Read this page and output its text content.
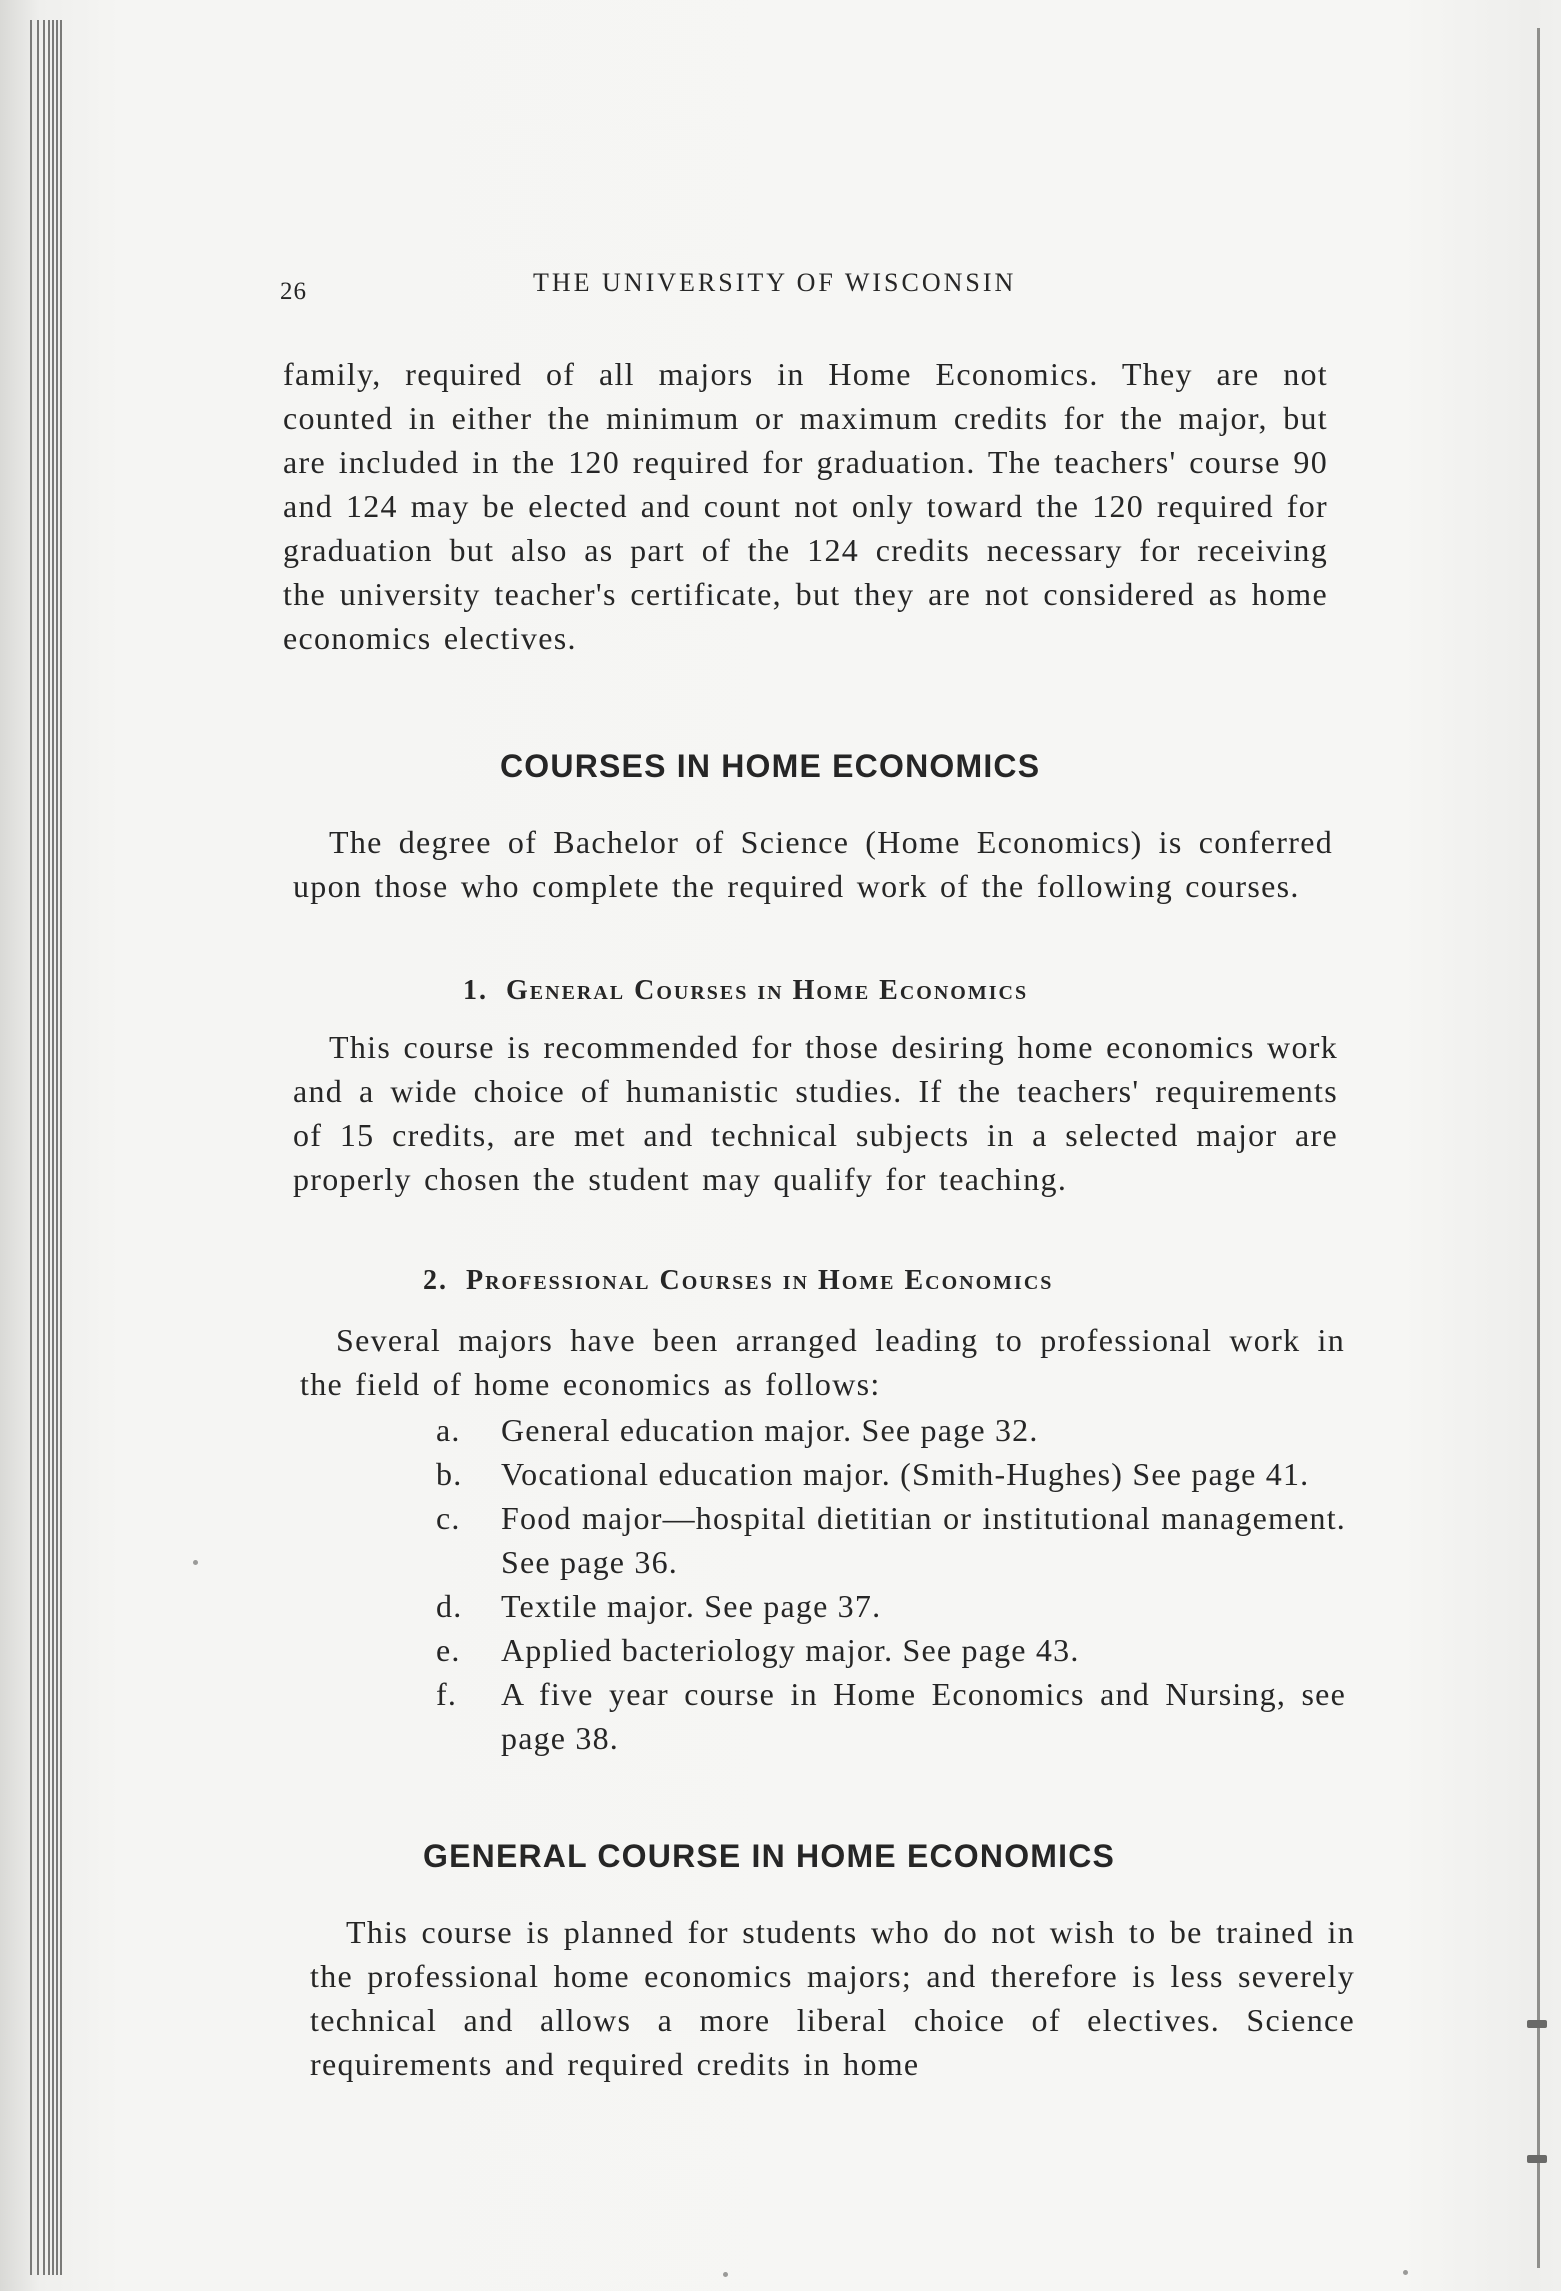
26	THE UNIVERSITY OF WISCONSIN

family, required of all majors in Home Economics. They are not counted in either the minimum or maximum credits for the major, but are included in the 120 required for graduation. The teachers' course 90 and 124 may be elected and count not only toward the 120 required for graduation but also as part of the 124 credits necessary for receiving the university teacher's certificate, but they are not considered as home economics electives.

COURSES IN HOME ECONOMICS

The degree of Bachelor of Science (Home Economics) is conferred upon those who complete the required work of the following courses.

1. General Courses in Home Economics

This course is recommended for those desiring home economics work and a wide choice of humanistic studies. If the teachers' requirements of 15 credits, are met and technical subjects in a selected major are properly chosen the student may qualify for teaching.

2. Professional Courses in Home Economics

Several majors have been arranged leading to professional work in the field of home economics as follows:

a. General education major. See page 32.
b. Vocational education major. (Smith-Hughes) See page 41.
c. Food major—hospital dietitian or institutional management. See page 36.
d. Textile major. See page 37.
e. Applied bacteriology major. See page 43.
f. A five year course in Home Economics and Nursing, see page 38.
GENERAL COURSE IN HOME ECONOMICS

This course is planned for students who do not wish to be trained in the professional home economics majors; and therefore is less severely technical and allows a more liberal choice of electives. Science requirements and required credits in home
